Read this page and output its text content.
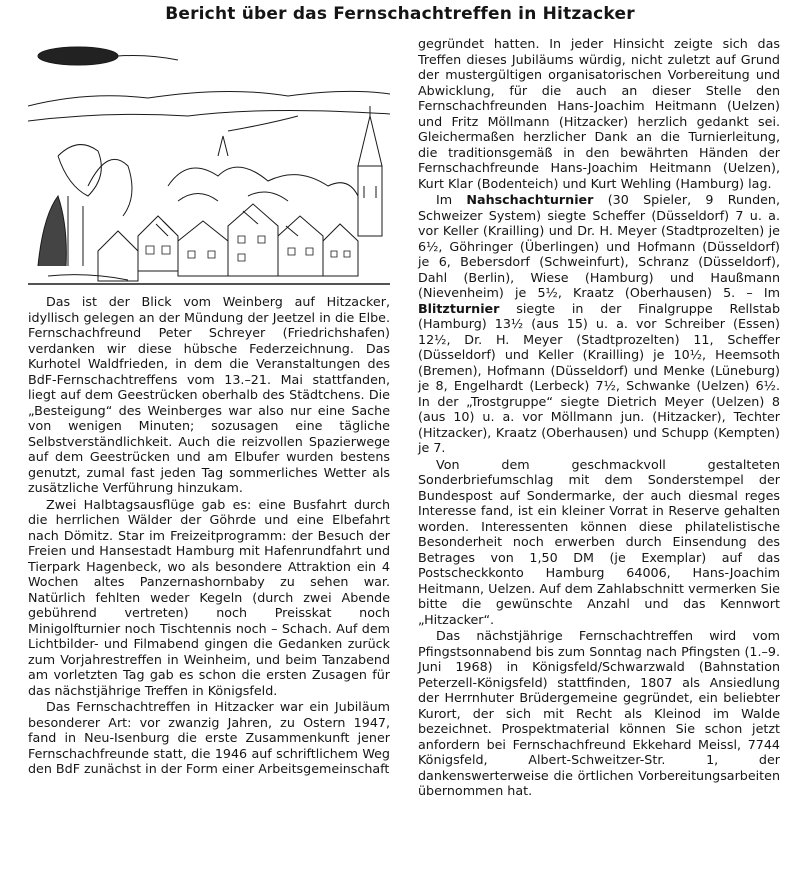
Bericht über das Fernschachtreffen in Hitzacker

Das ist der Blick vom Weinberg auf Hitzacker, idyllisch gelegen an der Mündung der Jeetzel in die Elbe. Fernschachfreund Peter Schreyer (Friedrichshafen) verdanken wir diese hübsche Federzeichnung. Das Kurhotel Waldfrieden, in dem die Veranstaltungen des BdF-Fernschachtreffens vom 13.–21. Mai stattfanden, liegt auf dem Geestrücken oberhalb des Städtchens. Die „Besteigung“ des Weinberges war also nur eine Sache von wenigen Minuten; sozusagen eine tägliche Selbstverständlichkeit. Auch die reizvollen Spazierwege auf dem Geestrücken und am Elbufer wurden bestens genutzt, zumal fast jeden Tag sommerliches Wetter als zusätzliche Verführung hinzukam.

Zwei Halbtagsausflüge gab es: eine Busfahrt durch die herrlichen Wälder der Göhrde und eine Elbefahrt nach Dömitz. Star im Freizeitprogramm: der Besuch der Freien und Hansestadt Hamburg mit Hafenrundfahrt und Tierpark Hagenbeck, wo als besondere Attraktion ein 4 Wochen altes Panzernashornbaby zu sehen war. Natürlich fehlten weder Kegeln (durch zwei Abende gebührend vertreten) noch Preisskat noch Minigolfturnier noch Tischtennis noch – Schach. Auf dem Lichtbilder- und Filmabend gingen die Gedanken zurück zum Vorjahrestreffen in Weinheim, und beim Tanzabend am vorletzten Tag gab es schon die ersten Zusagen für das nächstjährige Treffen in Königsfeld.

Das Fernschachtreffen in Hitzacker war ein Jubiläum besonderer Art: vor zwanzig Jahren, zu Ostern 1947, fand in Neu-Isenburg die erste Zusammenkunft jener Fernschachfreunde statt, die 1946 auf schriftlichem Weg den BdF zunächst in der Form einer Arbeitsgemeinschaft

gegründet hatten. In jeder Hinsicht zeigte sich das Treffen dieses Jubiläums würdig, nicht zuletzt auf Grund der mustergültigen organisatorischen Vorbereitung und Abwicklung, für die auch an dieser Stelle den Fernschachfreunden Hans-Joachim Heitmann (Uelzen) und Fritz Möllmann (Hitzacker) herzlich gedankt sei. Gleichermaßen herzlicher Dank an die Turnierleitung, die traditionsgemäß in den bewährten Händen der Fernschachfreunde Hans-Joachim Heitmann (Uelzen), Kurt Klar (Bodenteich) und Kurt Wehling (Hamburg) lag.

Im Nahschachturnier (30 Spieler, 9 Runden, Schweizer System) siegte Scheffer (Düsseldorf) 7 u. a. vor Keller (Krailling) und Dr. H. Meyer (Stadtprozelten) je 6½, Göhringer (Überlingen) und Hofmann (Düsseldorf) je 6, Bebersdorf (Schweinfurt), Schranz (Düsseldorf), Dahl (Berlin), Wiese (Hamburg) und Haußmann (Nievenheim) je 5½, Kraatz (Oberhausen) 5. – Im Blitzturnier siegte in der Finalgruppe Rellstab (Hamburg) 13½ (aus 15) u. a. vor Schreiber (Essen) 12½, Dr. H. Meyer (Stadtprozelten) 11, Scheffer (Düsseldorf) und Keller (Krailling) je 10½, Heemsoth (Bremen), Hofmann (Düsseldorf) und Menke (Lüneburg) je 8, Engelhardt (Lerbeck) 7½, Schwanke (Uelzen) 6½. In der „Trostgruppe“ siegte Dietrich Meyer (Uelzen) 8 (aus 10) u. a. vor Möllmann jun. (Hitzacker), Techter (Hitzacker), Kraatz (Oberhausen) und Schupp (Kempten) je 7.

Von dem geschmackvoll gestalteten Sonderbriefumschlag mit dem Sonderstempel der Bundespost auf Sondermarke, der auch diesmal reges Interesse fand, ist ein kleiner Vorrat in Reserve gehalten worden. Interessenten können diese philatelistische Besonderheit noch erwerben durch Einsendung des Betrages von 1,50 DM (je Exemplar) auf das Postscheckkonto Hamburg 64006, Hans-Joachim Heitmann, Uelzen. Auf dem Zahlabschnitt vermerken Sie bitte die gewünschte Anzahl und das Kennwort „Hitzacker“.

Das nächstjährige Fernschachtreffen wird vom Pfingstsonnabend bis zum Sonntag nach Pfingsten (1.–9. Juni 1968) in Königsfeld/Schwarzwald (Bahnstation Peterzell-Königsfeld) stattfinden, 1807 als Ansiedlung der Herrnhuter Brüdergemeine gegründet, ein beliebter Kurort, der sich mit Recht als Kleinod im Walde bezeichnet. Prospektmaterial können Sie schon jetzt anfordern bei Fernschachfreund Ekkehard Meissl, 7744 Königsfeld, Albert-Schweitzer-Str. 1, der dankenswerterweise die örtlichen Vorbereitungsarbeiten übernommen hat.
